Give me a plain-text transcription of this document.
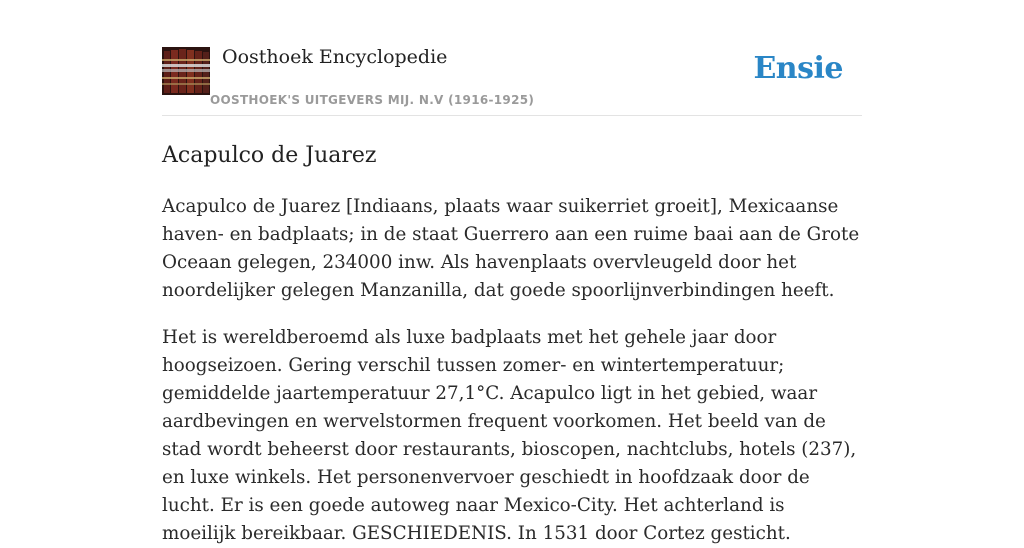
Oosthoek Encyclopedie
OOSTHOEK'S UITGEVERS MIJ. N.V (1916-1925)
Ensie
Acapulco de Juarez

Acapulco de Juarez [Indiaans, plaats waar suikerriet groeit], Mexicaanse haven- en badplaats; in de staat Guerrero aan een ruime baai aan de Grote Oceaan gelegen, 234000 inw. Als havenplaats overvleugeld door het noordelijker gelegen Manzanilla, dat goede spoorlijnverbindingen heeft.

Het is wereldberoemd als luxe badplaats met het gehele jaar door hoogseizoen. Gering verschil tussen zomer- en wintertemperatuur; gemiddelde jaartemperatuur 27,1°C. Acapulco ligt in het gebied, waar aardbevingen en wervelstormen frequent voorkomen. Het beeld van de stad wordt beheerst door restaurants, bioscopen, nachtclubs, hotels (237), en luxe winkels. Het personenvervoer geschiedt in hoofdzaak door de lucht. Er is een goede autoweg naar Mexico-City. Het achterland is moeilijk bereikbaar. GESCHIEDENIS. In 1531 door Cortez gesticht.
